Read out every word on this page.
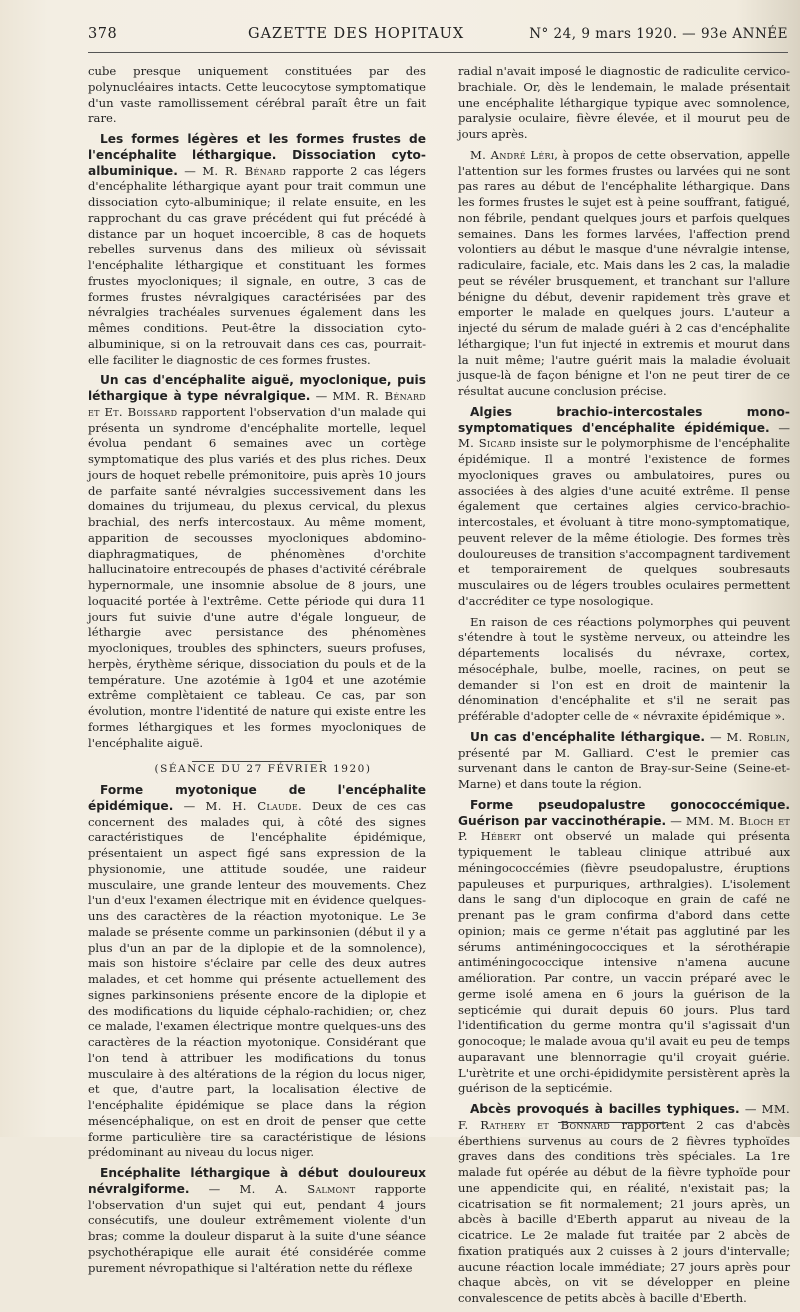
378	GAZETTE DES HOPITAUX	N° 24, 9 mars 1920. — 93e ANNÉE

cube presque uniquement constituées par des polynucléaires intacts. Cette leucocytose symptomatique d'un vaste ramollissement cérébral paraît être un fait rare.

Les formes légères et les formes frustes de l'encéphalite léthargique. Dissociation cyto-albuminique. — M. R. Bénard rapporte 2 cas légers d'encéphalite léthargique ayant pour trait commun une dissociation cyto-albuminique; il relate ensuite, en les rapprochant du cas grave précédent qui fut précédé à distance par un hoquet incoercible, 8 cas de hoquets rebelles survenus dans des milieux où sévissait l'encéphalite léthargique et constituant les formes frustes myocloniques; il signale, en outre, 3 cas de formes frustes névralgiques caractérisées par des névralgies trachéales survenues également dans les mêmes conditions. Peut-être la dissociation cyto-albuminique, si on la retrouvait dans ces cas, pourrait-elle faciliter le diagnostic de ces formes frustes.

Un cas d'encéphalite aiguë, myoclonique, puis léthargique à type névralgique. — MM. R. Bénard et Et. Boissard rapportent l'observation d'un malade qui présenta un syndrome d'encéphalite mortelle, lequel évolua pendant 6 semaines avec un cortège symptomatique des plus variés et des plus riches. Deux jours de hoquet rebelle prémonitoire, puis après 10 jours de parfaite santé névralgies successivement dans les domaines du trijumeau, du plexus cervical, du plexus brachial, des nerfs intercostaux. Au même moment, apparition de secousses myocloniques abdomino-diaphragmatiques, de phénomènes d'orchite hallucinatoire entrecoupés de phases d'activité cérébrale hypernormale, une insomnie absolue de 8 jours, une loquacité portée à l'extrême. Cette période qui dura 11 jours fut suivie d'une autre d'égale longueur, de léthargie avec persistance des phénomènes myocloniques, troubles des sphincters, sueurs profuses, herpès, érythème sérique, dissociation du pouls et de la température. Une azotémie à 1g04 et une azotémie extrême complètaient ce tableau. Ce cas, par son évolution, montre l'identité de nature qui existe entre les formes léthargiques et les formes myocloniques de l'encéphalite aiguë.

(SÉANCE DU 27 FÉVRIER 1920)

Forme myotonique de l'encéphalite épidémique. — M. H. Claude. Deux de ces cas concernent des malades qui, à côté des signes caractéristiques de l'encéphalite épidémique, présentaient un aspect figé sans expression de la physionomie, une attitude soudée, une raideur musculaire, une grande lenteur des mouvements. Chez l'un d'eux l'examen électrique mit en évidence quelques-uns des caractères de la réaction myotonique. Le 3e malade se présente comme un parkinsonien (début il y a plus d'un an par de la diplopie et de la somnolence), mais son histoire s'éclaire par celle des deux autres malades, et cet homme qui présente actuellement des signes parkinsoniens présente encore de la diplopie et des modifications du liquide céphalo-rachidien; or, chez ce malade, l'examen électrique montre quelques-uns des caractères de la réaction myotonique. Considérant que l'on tend à attribuer les modifications du tonus musculaire à des altérations de la région du locus niger, et que, d'autre part, la localisation élective de l'encéphalite épidémique se place dans la région mésencéphalique, on est en droit de penser que cette forme particulière tire sa caractéristique de lésions prédominant au niveau du locus niger.

Encéphalite léthargique à début douloureux névralgiforme. — M. A. Salmont rapporte l'observation d'un sujet qui eut, pendant 4 jours consécutifs, une douleur extrêmement violente d'un bras; comme la douleur disparut à la suite d'une séance psychothérapique elle aurait été considérée comme purement névropathique si l'altération nette du réflexe

radial n'avait imposé le diagnostic de radiculite cervico-brachiale. Or, dès le lendemain, le malade présentait une encéphalite léthargique typique avec somnolence, paralysie oculaire, fièvre élevée, et il mourut peu de jours après.

M. André Léri, à propos de cette observation, appelle l'attention sur les formes frustes ou larvées qui ne sont pas rares au début de l'encéphalite léthargique. Dans les formes frustes le sujet est à peine souffrant, fatigué, non fébrile, pendant quelques jours et parfois quelques semaines. Dans les formes larvées, l'affection prend volontiers au début le masque d'une névralgie intense, radiculaire, faciale, etc. Mais dans les 2 cas, la maladie peut se révéler brusquement, et tranchant sur l'allure bénigne du début, devenir rapidement très grave et emporter le malade en quelques jours. L'auteur a injecté du sérum de malade guéri à 2 cas d'encéphalite léthargique; l'un fut injecté in extremis et mourut dans la nuit même; l'autre guérit mais la maladie évoluait jusque-là de façon bénigne et l'on ne peut tirer de ce résultat aucune conclusion précise.

Algies brachio-intercostales mono-symptomatiques d'encéphalite épidémique. — M. Sicard insiste sur le polymorphisme de l'encéphalite épidémique. Il a montré l'existence de formes myocloniques graves ou ambulatoires, pures ou associées à des algies d'une acuité extrême. Il pense également que certaines algies cervico-brachio-intercostales, et évoluant à titre mono-symptomatique, peuvent relever de la même étiologie. Des formes très douloureuses de transition s'accompagnent tardivement et temporairement de quelques soubresauts musculaires ou de légers troubles oculaires permettent d'accréditer ce type nosologique.

En raison de ces réactions polymorphes qui peuvent s'étendre à tout le système nerveux, ou atteindre les départements localisés du névraxe, cortex, mésocéphale, bulbe, moelle, racines, on peut se demander si l'on est en droit de maintenir la dénomination d'encéphalite et s'il ne serait pas préférable d'adopter celle de « névraxite épidémique ».

Un cas d'encéphalite léthargique. — M. Roblin, présenté par M. Galliard. C'est le premier cas survenant dans le canton de Bray-sur-Seine (Seine-et-Marne) et dans toute la région.

Forme pseudopalustre gonococcémique. Guérison par vaccinothérapie. — MM. M. Bloch et P. Hébert ont observé un malade qui présenta typiquement le tableau clinique attribué aux méningococcémies (fièvre pseudopalustre, éruptions papuleuses et purpuriques, arthralgies). L'isolement dans le sang d'un diplocoque en grain de café ne prenant pas le gram confirma d'abord dans cette opinion; mais ce germe n'était pas agglutiné par les sérums antiméningococciques et la sérothérapie antiméningococcique intensive n'amena aucune amélioration. Par contre, un vaccin préparé avec le germe isolé amena en 6 jours la guérison de la septicémie qui durait depuis 60 jours. Plus tard l'identification du germe montra qu'il s'agissait d'un gonocoque; le malade avoua qu'il avait eu peu de temps auparavant une blennorragie qu'il croyait guérie. L'urètrite et une orchi-épididymite persistèrent après la guérison de la septicémie.

Abcès provoqués à bacilles typhiques. — MM. F. Rathery et Bonnard rapportent 2 cas d'abcès éberthiens survenus au cours de 2 fièvres typhoïdes graves dans des conditions très spéciales. La 1re malade fut opérée au début de la fièvre typhoïde pour une appendicite qui, en réalité, n'existait pas; la cicatrisation se fit normalement; 21 jours après, un abcès à bacille d'Eberth apparut au niveau de la cicatrice. Le 2e malade fut traitée par 2 abcès de fixation pratiqués aux 2 cuisses à 2 jours d'intervalle; aucune réaction locale immédiate; 27 jours après pour chaque abcès, on vit se développer en pleine convalescence de petits abcès à bacille d'Eberth.
